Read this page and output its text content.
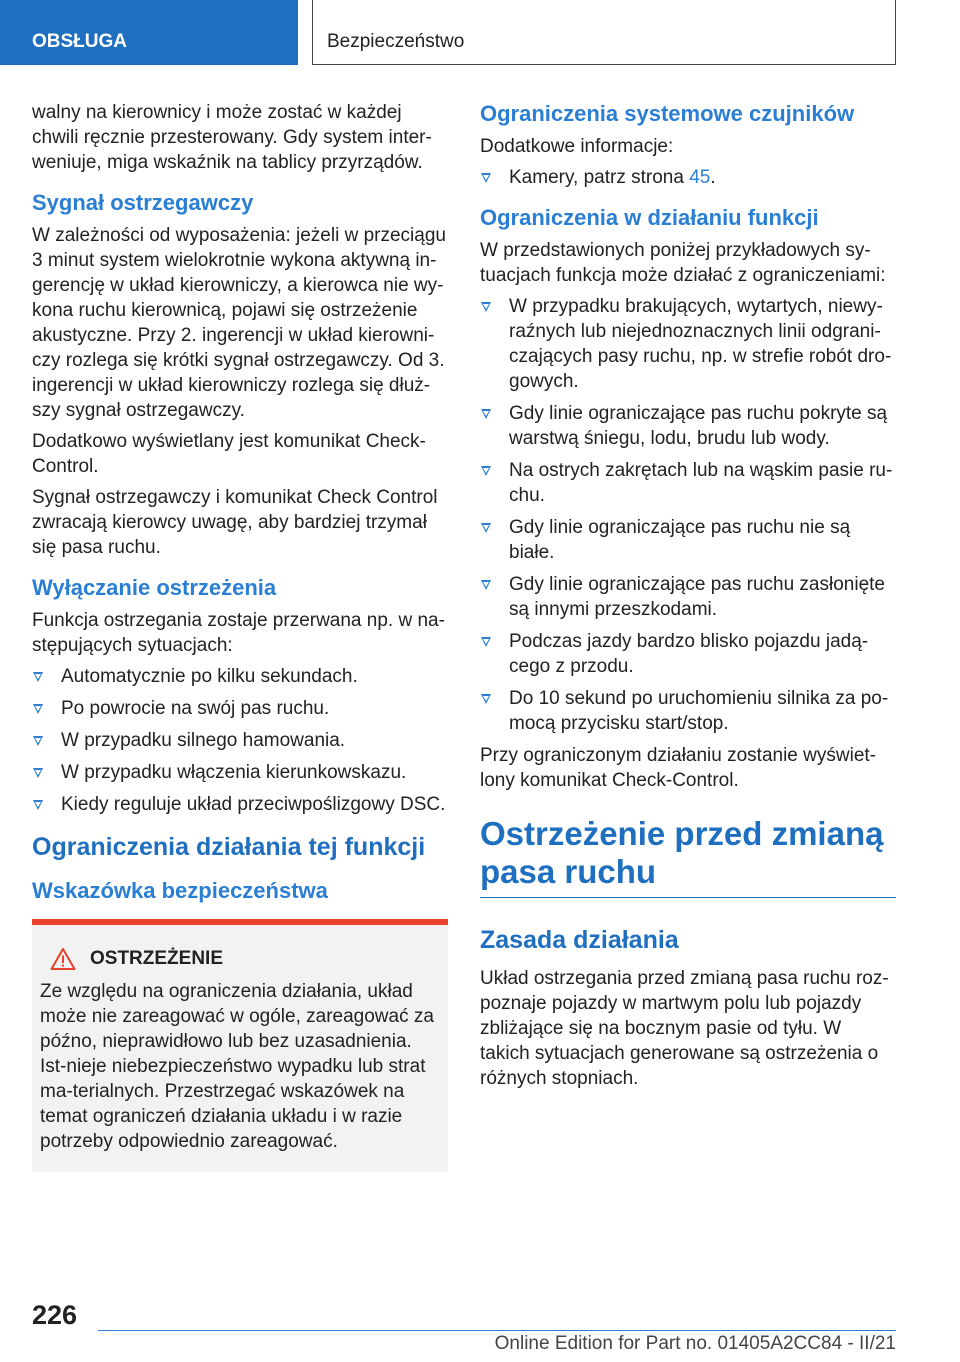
OBSŁUGA	Bezpieczeństwo

walny na kierownicy i może zostać w każdej chwili ręcznie przesterowany. Gdy system inter-weniuje, miga wskaźnik na tablicy przyrządów.

Sygnał ostrzegawczy

W zależności od wyposażenia: jeżeli w przeciągu 3 minut system wielokrotnie wykona aktywną in-gerencję w układ kierowniczy, a kierowca nie wy-kona ruchu kierownicą, pojawi się ostrzeżenie akustyczne. Przy 2. ingerencji w układ kierowni-czy rozlega się krótki sygnał ostrzegawczy. Od 3. ingerencji w układ kierowniczy rozlega się dłuż-szy sygnał ostrzegawczy.

Dodatkowo wyświetlany jest komunikat Check-Control.

Sygnał ostrzegawczy i komunikat Check Control zwracają kierowcy uwagę, aby bardziej trzymał się pasa ruchu.

Wyłączanie ostrzeżenia

Funkcja ostrzegania zostaje przerwana np. w na-stępujących sytuacjach:

Automatycznie po kilku sekundach.
Po powrocie na swój pas ruchu.
W przypadku silnego hamowania.
W przypadku włączenia kierunkowskazu.
Kiedy reguluje układ przeciwpoślizgowy DSC.
Ograniczenia działania tej funkcji
Wskazówka bezpieczeństwa
OSTRZEŻENIE

Ze względu na ograniczenia działania, układ może nie zareagować w ogóle, zareagować za późno, nieprawidłowo lub bez uzasadnienia. Ist-nieje niebezpieczeństwo wypadku lub strat ma-terialnych. Przestrzegać wskazówek na temat ograniczeń działania układu i w razie potrzeby odpowiednio zareagować.

Ograniczenia systemowe czujników

Dodatkowe informacje:

Kamery, patrz strona 45.
Ograniczenia w działaniu funkcji

W przedstawionych poniżej przykładowych sy-tuacjach funkcja może działać z ograniczeniami:

W przypadku brakujących, wytartych, niewy-raźnych lub niejednoznacznych linii odgrani-czających pasy ruchu, np. w strefie robót dro-gowych.
Gdy linie ograniczające pas ruchu pokryte są warstwą śniegu, lodu, brudu lub wody.
Na ostrych zakrętach lub na wąskim pasie ru-chu.
Gdy linie ograniczające pas ruchu nie są białe.
Gdy linie ograniczające pas ruchu zasłonięte są innymi przeszkodami.
Podczas jazdy bardzo blisko pojazdu jadą-cego z przodu.
Do 10 sekund po uruchomieniu silnika za po-mocą przycisku start/stop.

Przy ograniczonym działaniu zostanie wyświet-lony komunikat Check-Control.

Ostrzeżenie przed zmianą pasa ruchu
Zasada działania

Układ ostrzegania przed zmianą pasa ruchu roz-poznaje pojazdy w martwym polu lub pojazdy zbliżające się na bocznym pasie od tyłu. W takich sytuacjach generowane są ostrzeżenia o różnych stopniach.

226
Online Edition for Part no. 01405A2CC84 - II/21
